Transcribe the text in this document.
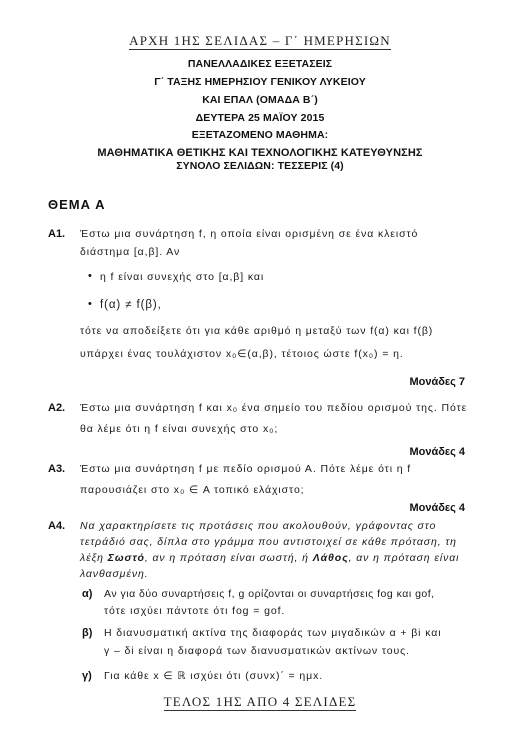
ΑΡΧΗ 1ΗΣ ΣΕΛΙΔΑΣ – Γ΄ ΗΜΕΡΗΣΙΩΝ
ΠΑΝΕΛΛΑΔΙΚΕΣ ΕΞΕΤΑΣΕΙΣ
Γ΄ ΤΑΞΗΣ ΗΜΕΡΗΣΙΟΥ ΓΕΝΙΚΟΥ ΛΥΚΕΙΟΥ
ΚΑΙ ΕΠΑΛ (ΟΜΑΔΑ Β΄)
ΔΕΥΤΕΡΑ 25 ΜΑΪΟΥ 2015
ΕΞΕΤΑΖΟΜΕΝΟ ΜΑΘΗΜΑ:
ΜΑΘΗΜΑΤΙΚΑ ΘΕΤΙΚΗΣ ΚΑΙ ΤΕΧΝΟΛΟΓΙΚΗΣ ΚΑΤΕΥΘΥΝΣΗΣ
ΣΥΝΟΛΟ ΣΕΛΙΔΩΝ: ΤΕΣΣΕΡΙΣ (4)
ΘΕΜΑ Α
Α1. Έστω μια συνάρτηση f, η οποία είναι ορισμένη σε ένα κλειστό
διάστημα [α,β]. Αν
• η f είναι συνεχής στο [α,β] και
• f(α) ≠ f(β),
τότε να αποδείξετε ότι για κάθε αριθμό η μεταξύ των f(α) και f(β)
υπάρχει ένας τουλάχιστον x₀∈(α,β), τέτοιος ώστε f(x₀) = η.
Μονάδες 7
Α2. Έστω μια συνάρτηση f και x₀ ένα σημείο του πεδίου ορισμού της. Πότε
θα λέμε ότι η f είναι συνεχής στο x₀;
Μονάδες 4
Α3. Έστω μια συνάρτηση f με πεδίο ορισμού Α. Πότε λέμε ότι η f
παρουσιάζει στο x₀ ∈ Α τοπικό ελάχιστο;
Μονάδες 4
Α4. Να χαρακτηρίσετε τις προτάσεις που ακολουθούν, γράφοντας στο
τετράδιό σας, δίπλα στο γράμμα που αντιστοιχεί σε κάθε πρόταση, τη
λέξη Σωστό, αν η πρόταση είναι σωστή, ή Λάθος, αν η πρόταση είναι
λανθασμένη.
α) Αν για δύο συναρτήσεις f, g ορίζονται οι συναρτήσεις fog και gof,
τότε ισχύει πάντοτε ότι fog = gof.
β) Η διανυσματική ακτίνα της διαφοράς των μιγαδικών α + βi και
γ – δi είναι η διαφορά των διανυσματικών ακτίνων τους.
γ) Για κάθε x ∈ ℝ ισχύει ότι (συνx)΄ = ημx.
ΤΕΛΟΣ 1ΗΣ ΑΠΟ 4 ΣΕΛΙΔΕΣ
